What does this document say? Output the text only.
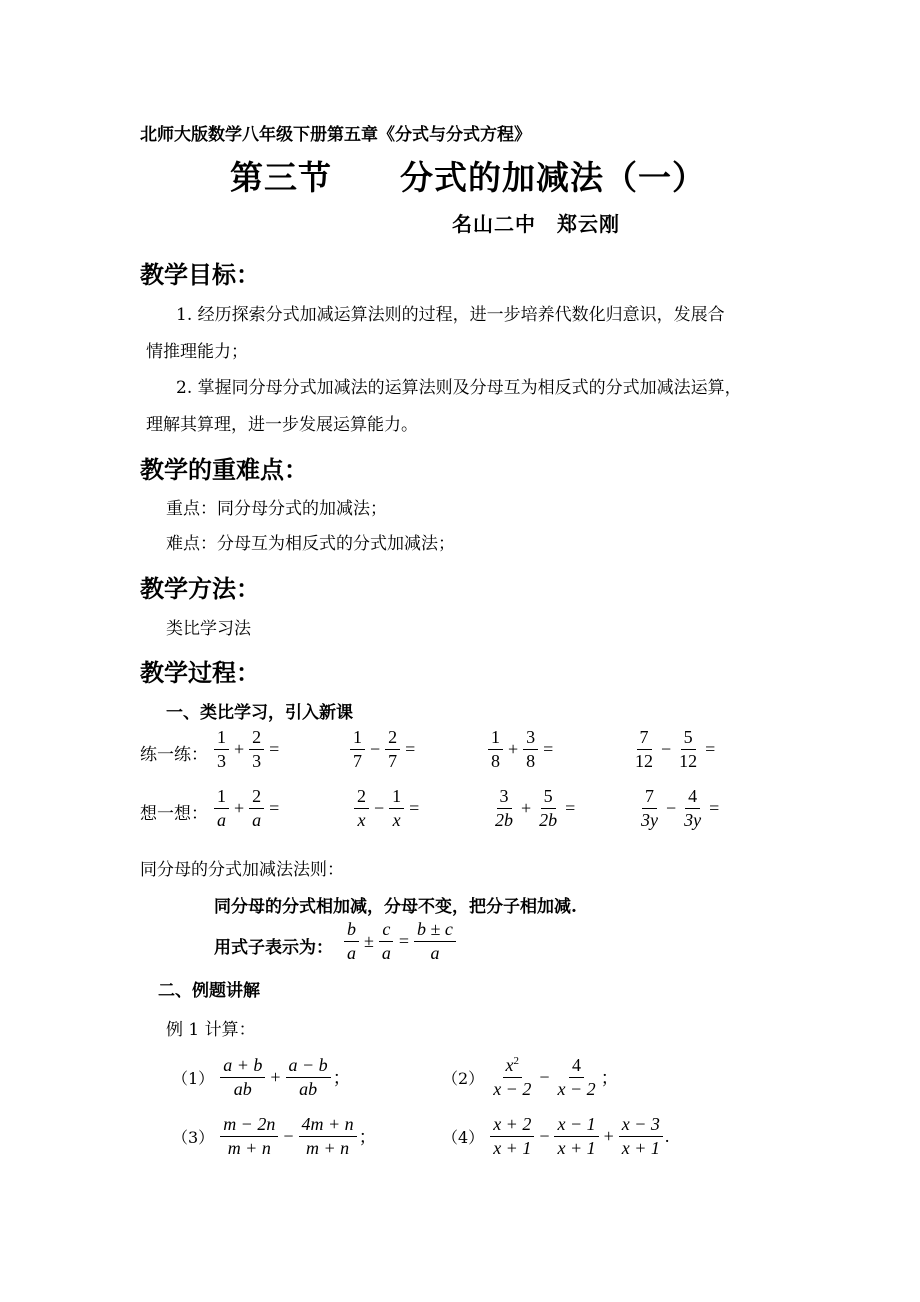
北师大版数学八年级下册第五章《分式与分式方程》
第三节　　分式的加减法（一）
名山二中　郑云刚
教学目标：
1. 经历探索分式加减运算法则的过程，进一步培养代数化归意识，发展合
情推理能力；
2. 掌握同分母分式加减法的运算法则及分母互为相反式的分式加减法运算，
理解其算理，进一步发展运算能力。
教学的重难点：
重点：同分母分式的加减法；
难点：分母互为相反式的分式加减法；
教学方法：
类比学习法
教学过程：
一、类比学习，引入新课
练一练： $\frac{1}{3} + \frac{2}{3}$ =	$\frac{1}{7} - \frac{2}{7}$ =	$\frac{1}{8} + \frac{3}{8}$ =	$\frac{7}{12} - \frac{5}{12}$ =
想一想： $\frac{1}{a} + \frac{2}{a}$ =	$\frac{2}{x} - \frac{1}{x}$ =	$\frac{3}{2b} + \frac{5}{2b}$ =	$\frac{7}{3y} - \frac{4}{3y}$ =
同分母的分式加减法法则：
同分母的分式相加减，分母不变，把分子相加减.
用式子表示为： $\frac{b}{a} \pm \frac{c}{a} = \frac{b \pm c}{a}$
二、例题讲解
例 1 计算：
$(1) \frac{a + b}{ab} + \frac{a - b}{ab}$ ；	$(2) \frac{x^2}{x - 2} - \frac{4}{x - 2}$ ；
$(3) \frac{m - 2n}{m + n} - \frac{4m + n}{m + n}$ ；	$(4) \frac{x + 2}{x + 1} - \frac{x - 1}{x + 1} + \frac{x - 3}{x + 1}$ .
